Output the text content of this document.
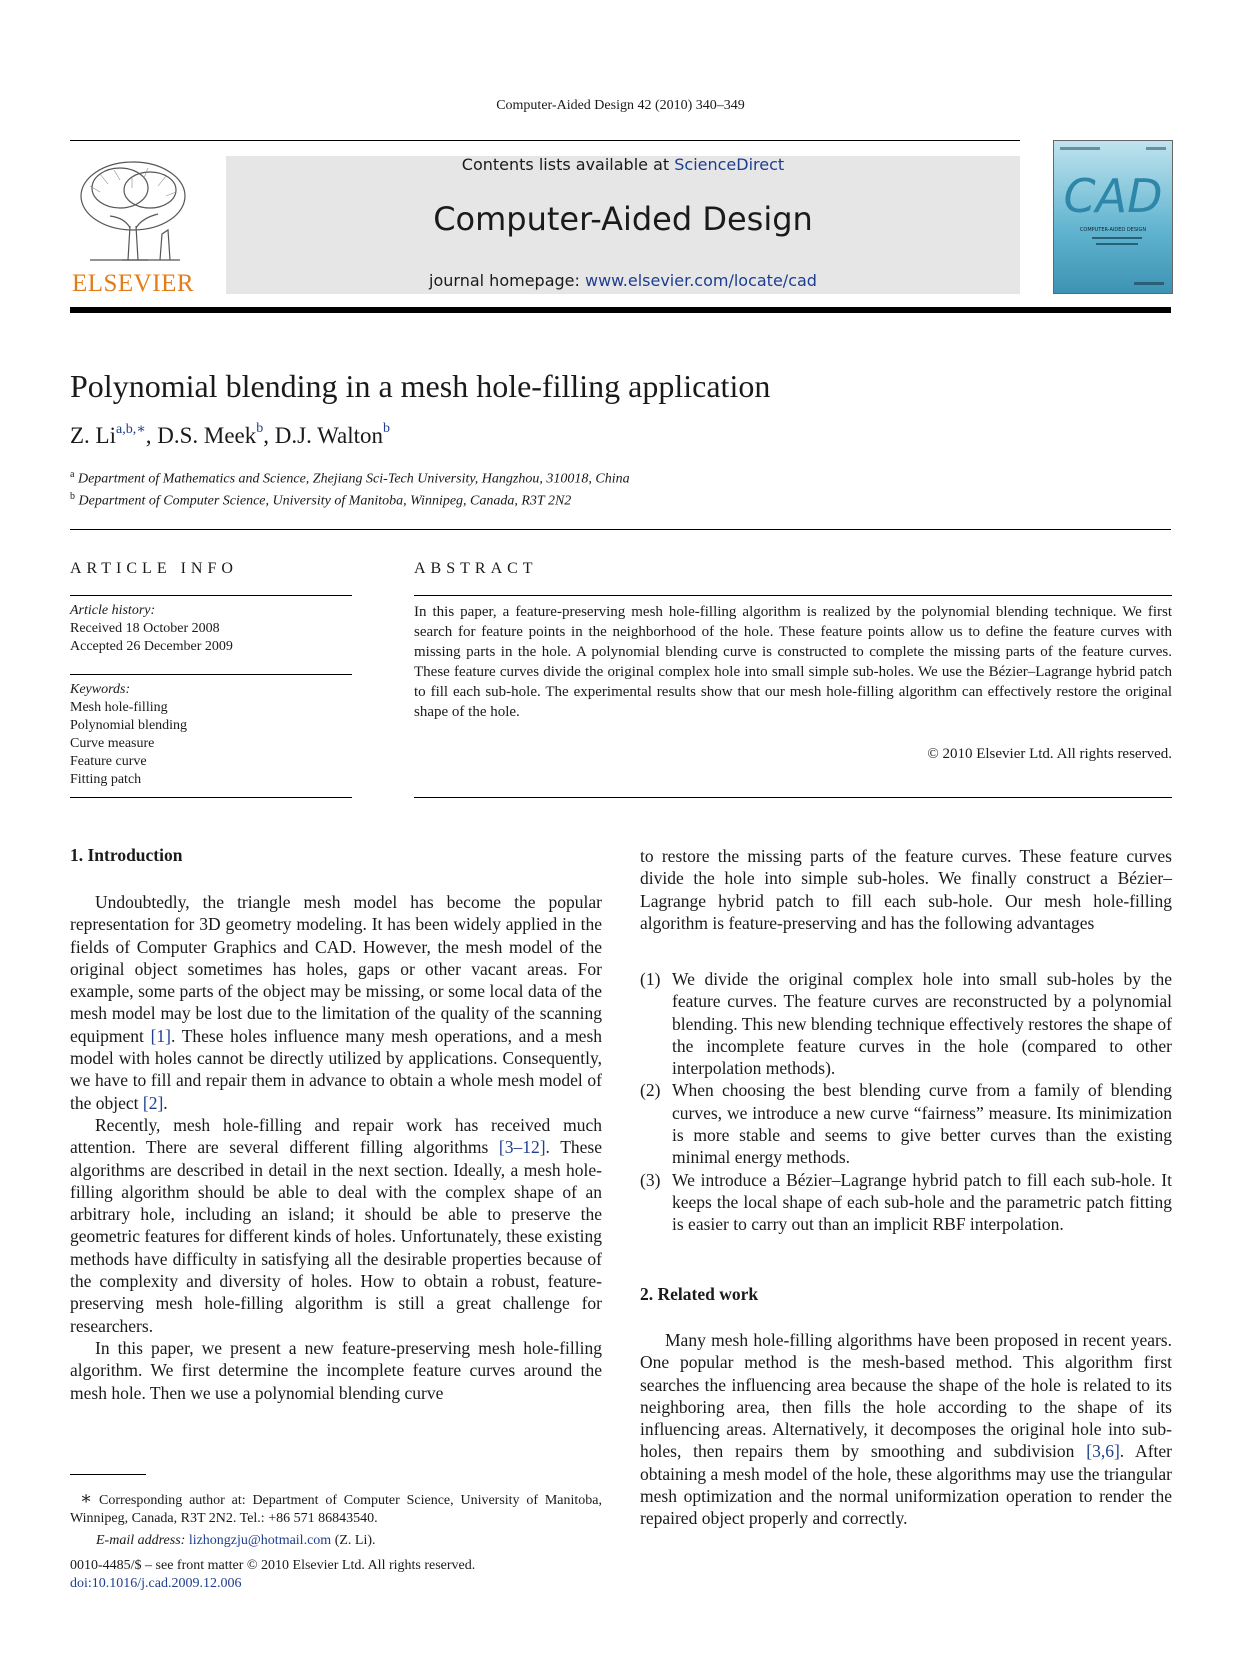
Computer-Aided Design 42 (2010) 340–349
ELSEVIER
Contents lists available at ScienceDirect
Computer-Aided Design
journal homepage: www.elsevier.com/locate/cad
CAD
COMPUTER-AIDED DESIGN
Polynomial blending in a mesh hole-filling application
Z. $Li^{a,b,∗}$, D.S. Meek$^b$, D.J. Walton$^b$
$^a$ Department of Mathematics and Science, Zhejiang Sci-Tech University, Hangzhou, 310018, China
$^b$ Department of Computer Science, University of Manitoba, Winnipeg, Canada, R3T 2N2
ARTICLE INFO
Article history:
Received 18 October 2008
Accepted 26 December 2009
Keywords:
Mesh hole-filling
Polynomial blending
Curve measure
Feature curve
Fitting patch
ABSTRACT
In this paper, a feature-preserving mesh hole-filling algorithm is realized by the polynomial blending technique. We first search for feature points in the neighborhood of the hole. These feature points allow us to define the feature curves with missing parts in the hole. A polynomial blending curve is constructed to complete the missing parts of the feature curves. These feature curves divide the original complex hole into small simple sub-holes. We use the Bézier–Lagrange hybrid patch to fill each sub-hole. The experimental results show that our mesh hole-filling algorithm can effectively restore the original shape of the hole.
© 2010 Elsevier Ltd. All rights reserved.
1. Introduction

Undoubtedly, the triangle mesh model has become the popular representation for 3D geometry modeling. It has been widely applied in the fields of Computer Graphics and CAD. However, the mesh model of the original object sometimes has holes, gaps or other vacant areas. For example, some parts of the object may be missing, or some local data of the mesh model may be lost due to the limitation of the quality of the scanning equipment [1]. These holes influence many mesh operations, and a mesh model with holes cannot be directly utilized by applications. Consequently, we have to fill and repair them in advance to obtain a whole mesh model of the object [2].

Recently, mesh hole-filling and repair work has received much attention. There are several different filling algorithms [3–12]. These algorithms are described in detail in the next section. Ideally, a mesh hole-filling algorithm should be able to deal with the complex shape of an arbitrary hole, including an island; it should be able to preserve the geometric features for different kinds of holes. Unfortunately, these existing methods have difficulty in satisfying all the desirable properties because of the complexity and diversity of holes. How to obtain a robust, feature-preserving mesh hole-filling algorithm is still a great challenge for researchers.

In this paper, we present a new feature-preserving mesh hole-filling algorithm. We first determine the incomplete feature curves around the mesh hole. Then we use a polynomial blending curve

∗ Corresponding author at: Department of Computer Science, University of Manitoba, Winnipeg, Canada, R3T 2N2. Tel.: +86 571 86843540.
E-mail address: lizhongzju@hotmail.com (Z. Li).
0010-4485/$ – see front matter © 2010 Elsevier Ltd. All rights reserved.
doi:10.1016/j.cad.2009.12.006
to restore the missing parts of the feature curves. These feature curves divide the hole into simple sub-holes. We finally construct a Bézier–Lagrange hybrid patch to fill each sub-hole. Our mesh hole-filling algorithm is feature-preserving and has the following advantages
(1) We divide the original complex hole into small sub-holes by the feature curves. The feature curves are reconstructed by a polynomial blending. This new blending technique effectively restores the shape of the incomplete feature curves in the hole (compared to other interpolation methods).
(2) When choosing the best blending curve from a family of blending curves, we introduce a new curve “fairness” measure. Its minimization is more stable and seems to give better curves than the existing minimal energy methods.
(3) We introduce a Bézier–Lagrange hybrid patch to fill each sub-hole. It keeps the local shape of each sub-hole and the parametric patch fitting is easier to carry out than an implicit RBF interpolation.
2. Related work

Many mesh hole-filling algorithms have been proposed in recent years. One popular method is the mesh-based method. This algorithm first searches the influencing area because the shape of the hole is related to its neighboring area, then fills the hole according to the shape of its influencing areas. Alternatively, it decomposes the original hole into sub-holes, then repairs them by smoothing and subdivision [3,6]. After obtaining a mesh model of the hole, these algorithms may use the triangular mesh optimization and the normal uniformization operation to render the repaired object properly and correctly.
